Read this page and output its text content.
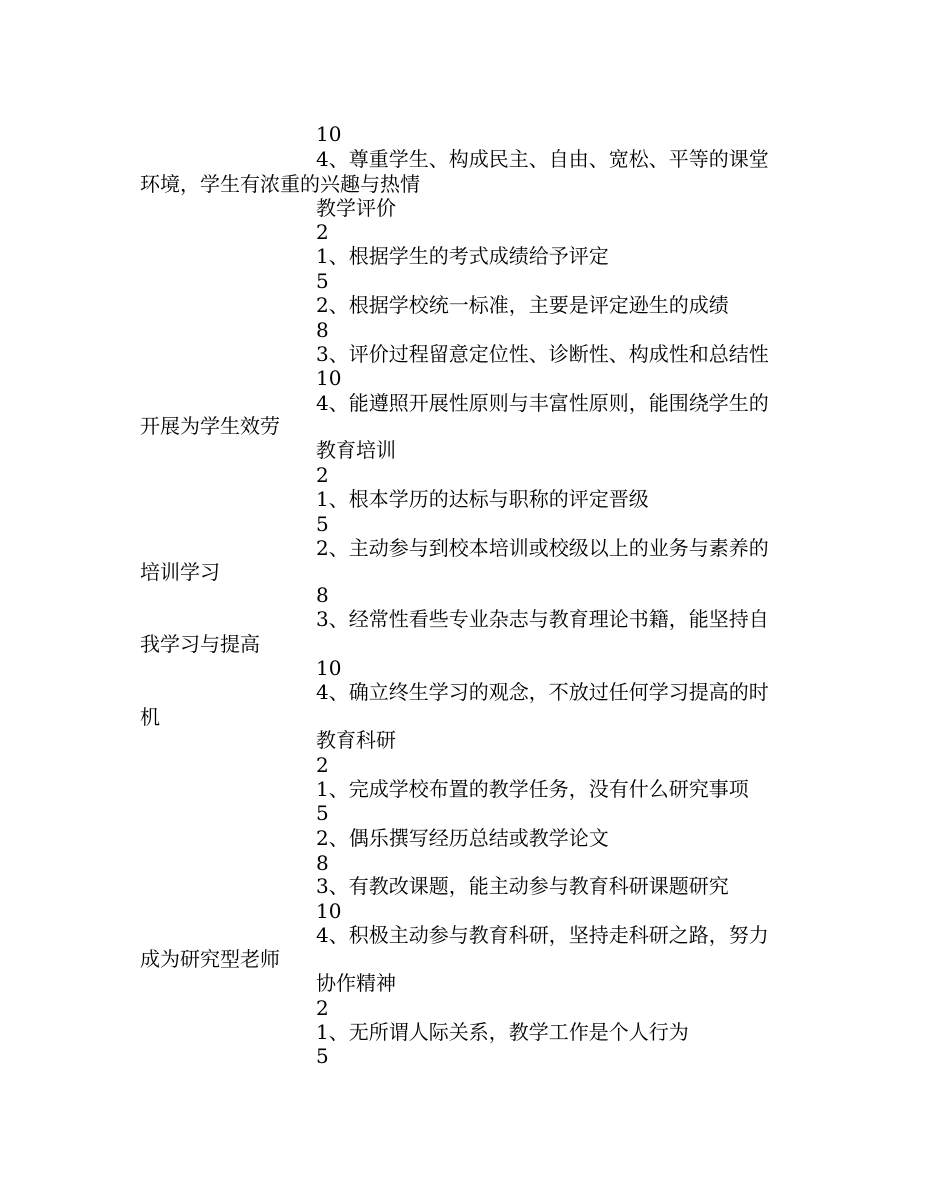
10
4、尊重学生、构成民主、自由、宽松、平等的课堂
环境，学生有浓重的兴趣与热情
教学评价
2
1、根据学生的考式成绩给予评定
5
2、根据学校统一标准，主要是评定逊生的成绩
8
3、评价过程留意定位性、诊断性、构成性和总结性
10
4、能遵照开展性原则与丰富性原则，能围绕学生的
开展为学生效劳
教育培训
2
1、根本学历的达标与职称的评定晋级
5
2、主动参与到校本培训或校级以上的业务与素养的
培训学习
8
3、经常性看些专业杂志与教育理论书籍，能坚持自
我学习与提高
10
4、确立终生学习的观念，不放过任何学习提高的时
机
教育科研
2
1、完成学校布置的教学任务，没有什么研究事项
5
2、偶乐撰写经历总结或教学论文
8
3、有教改课题，能主动参与教育科研课题研究
10
4、积极主动参与教育科研，坚持走科研之路，努力
成为研究型老师
协作精神
2
1、无所谓人际关系，教学工作是个人行为
5
